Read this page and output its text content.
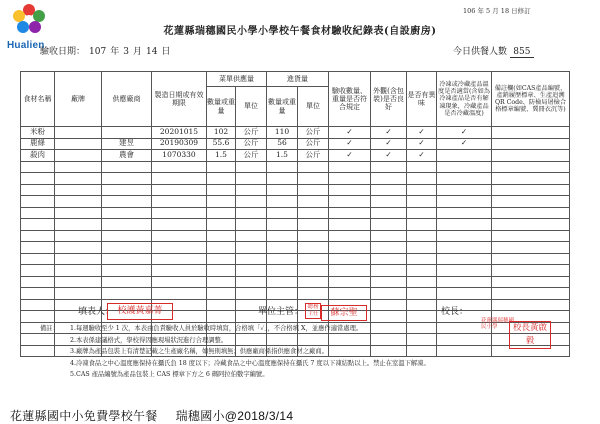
Hualien
106 年 5 月 18 日修訂
花蓮縣瑞穗國民小學小學校午餐食材驗收紀錄表(自設廚房)
驗收日期： 107 年 3 月 14 日	今日供餐人數 855
食材名稱	廠牌	供應廠商	製造日期或有效期限	菜單供應量		進貨量		驗收數量、重量是否符合規定	外觀(含包裝)是否良好	是否有異味	冷凍或冷藏產品溫度是否適當(含如為冷凍產品是否有解凍現象，冷藏產品是否冷藏溫度)	備註欄(如CAS產品編號、產銷履歷標章、生產追溯QR Code、防檢局屠檢合格標章編號、冀冊衣沉等)
				數量或重量	單位	數量或重量	單位					
米粉			20201015	102	公斤	110	公斤	✓	✓	✓	✓	
鹿條		建昱	20190309	55.6	公斤	56	公斤	✓	✓	✓	✓	
殺肉		農會	1070330	1.5	公斤	1.5	公斤	✓	✓	✓		

填表人： 校護黃嘉菁	單位主管： 總務主任	蘇宗聖	校長：
花蓮縣瑞穗國民小學	校長黃啟毅
備註： 1.每週驗收至少 1 次，本表由負責驗收人員於驗收時填寫，合格填「✓」，不合格填 X，並應作適當處理。
2.本表係建議格式，學校得因應現場狀況進行合理調整。
3.廠牌為產品包裝上有清楚記載之生產廠名稱，如無則填無；供應廠商係指供應食材之廠商。
4.冷凍食品之中心溫度應保持在攝氏負 18 度以下；冷藏食品之中心溫度應保持在攝氏 7 度以下凍結點以上。禁止在室溫下解凍。
5.CAS 產品編號為產品包裝上 CAS 標章下方之 6 碼阿拉伯數字編號。
花蓮縣國中小免費學校午餐 瑞穗國小@2018/3/14
